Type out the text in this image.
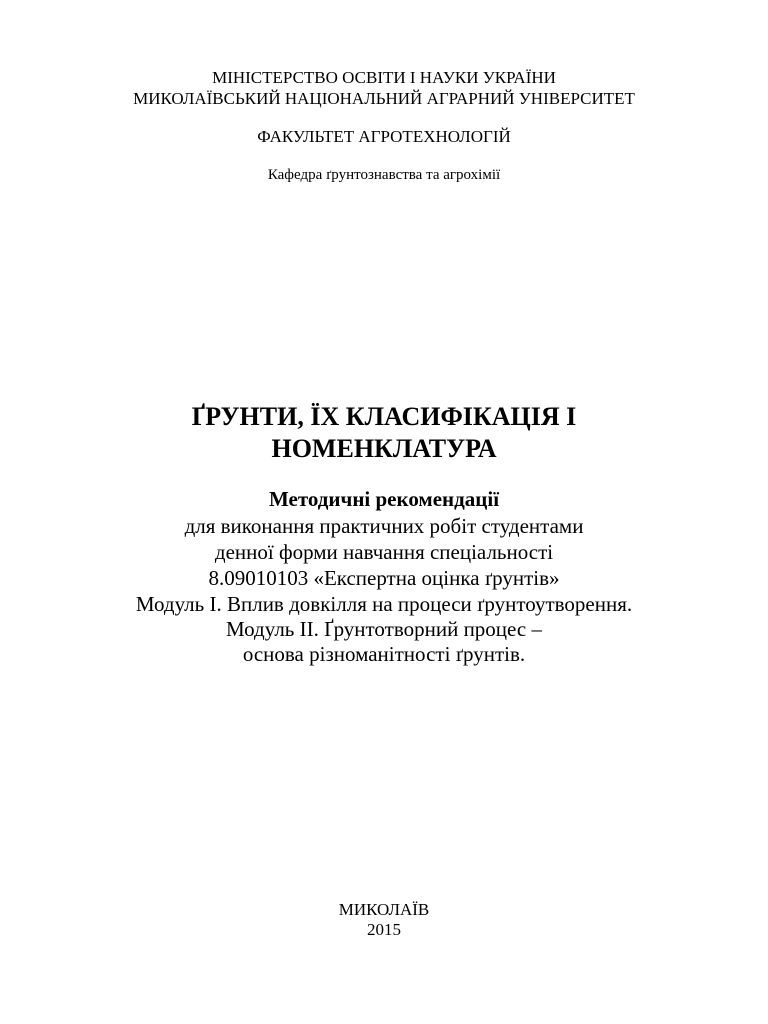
МІНІСТЕРСТВО ОСВІТИ І НАУКИ УКРАЇНИ
МИКОЛАЇВСЬКИЙ НАЦІОНАЛЬНИЙ АГРАРНИЙ УНІВЕРСИТЕТ
ФАКУЛЬТЕТ АГРОТЕХНОЛОГІЙ
Кафедра ґрунтознавства та агрохімії
ҐРУНТИ, ЇХ КЛАСИФІКАЦІЯ І
НОМЕНКЛАТУРА
Методичні рекомендації
для виконання практичних робіт студентами
денної форми навчання спеціальності
8.09010103 «Експертна оцінка ґрунтів»
Модуль І. Вплив довкілля на процеси ґрунтоутворення.
Модуль ІІ. Ґрунтотворний процес –
основа різноманітності ґрунтів.
МИКОЛАЇВ
2015
